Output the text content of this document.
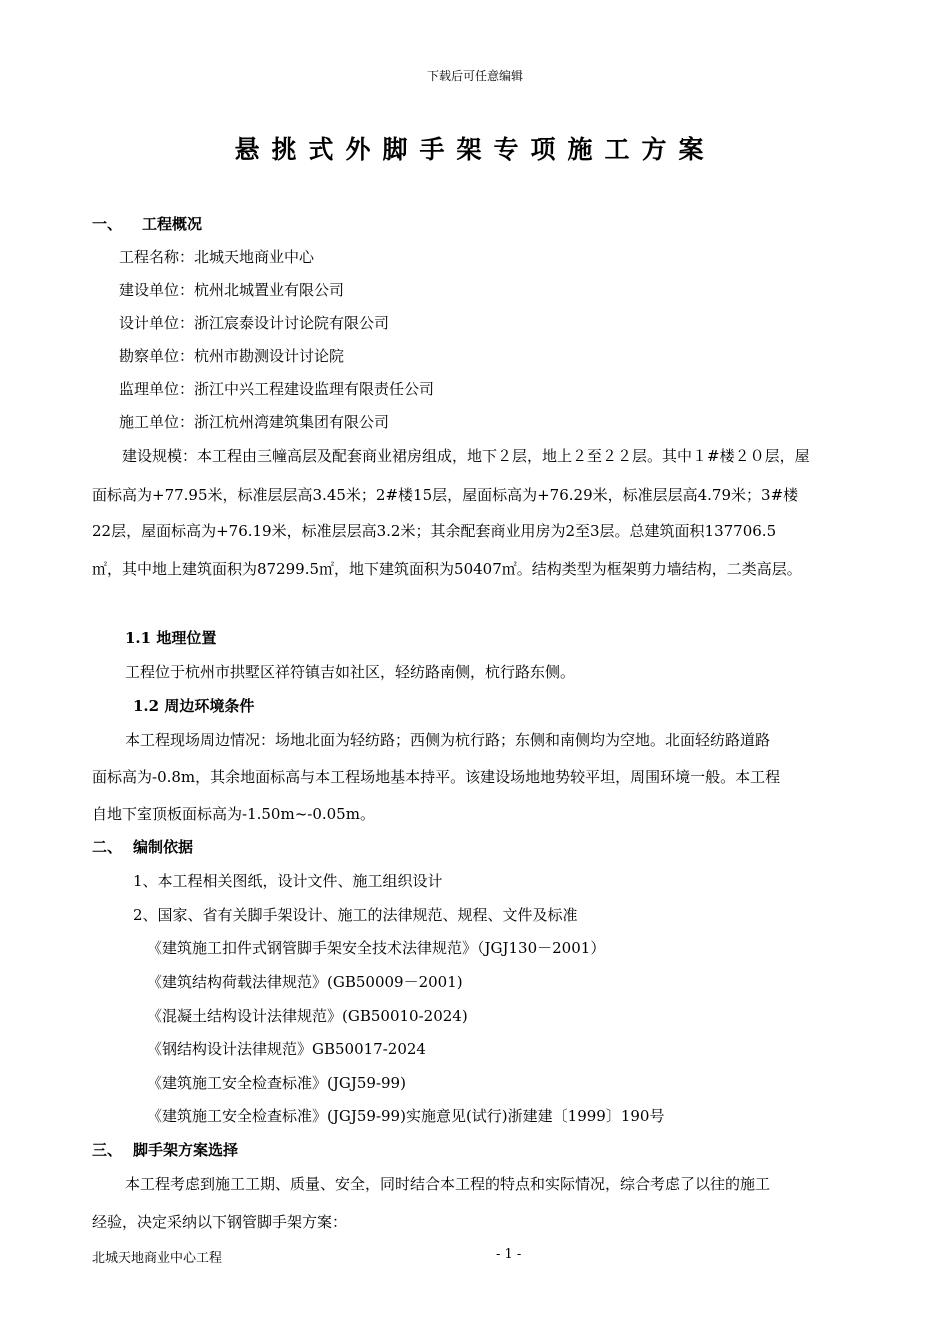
下载后可任意编辑
悬挑式外脚手架专项施工方案
一、 工程概况
工程名称：北城天地商业中心
建设单位：杭州北城置业有限公司
设计单位：浙江宸泰设计讨论院有限公司
勘察单位：杭州市勘测设计讨论院
监理单位：浙江中兴工程建设监理有限责任公司
施工单位：浙江杭州湾建筑集团有限公司
建设规模：本工程由三幢高层及配套商业裙房组成，地下２层，地上２至２２层。其中１#楼２０层，屋
面标高为+77.95米，标准层层高3.45米；2#楼15层，屋面标高为+76.29米，标准层层高4.79米；3#楼
22层，屋面标高为+76.19米，标准层层高3.2米；其余配套商业用房为2至3层。总建筑面积137706.5
㎡，其中地上建筑面积为87299.5㎡，地下建筑面积为50407㎡。结构类型为框架剪力墙结构，二类高层。
1.1 地理位置
工程位于杭州市拱墅区祥符镇吉如社区，轻纺路南侧，杭行路东侧。
1.2 周边环境条件
本工程现场周边情况：场地北面为轻纺路；西侧为杭行路；东侧和南侧均为空地。北面轻纺路道路
面标高为-0.8m，其余地面标高与本工程场地基本持平。该建设场地地势较平坦，周围环境一般。本工程
自地下室顶板面标高为-1.50m~-0.05m。
二、 编制依据
1、本工程相关图纸，设计文件、施工组织设计
2、国家、省有关脚手架设计、施工的法律规范、规程、文件及标准
《建筑施工扣件式钢管脚手架安全技术法律规范》（JGJ130－2001）
《建筑结构荷载法律规范》(GB50009－2001)
《混凝土结构设计法律规范》(GB50010-2024)
《钢结构设计法律规范》GB50017-2024
《建筑施工安全检查标准》(JGJ59-99)
《建筑施工安全检查标准》(JGJ59-99)实施意见(试行)浙建建〔1999〕190号
三、 脚手架方案选择
本工程考虑到施工工期、质量、安全，同时结合本工程的特点和实际情况，综合考虑了以往的施工
经验，决定采纳以下钢管脚手架方案：
北城天地商业中心工程	- 1 -
